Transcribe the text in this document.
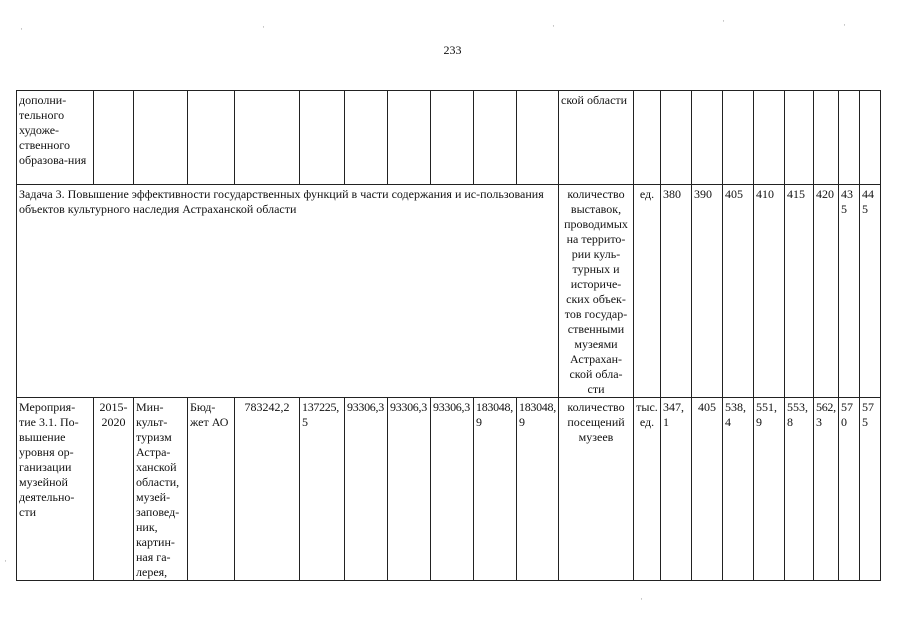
233
дополни-тельного художе-ственного образова-ния											ской области									
Задача 3. Повышение эффективности государственных функций в части содержания и ис-пользования объектов культурного наследия Астраханской области											количество выставок, проводимых на террито-рии куль-турных и историче-ских объек-тов государ-ственными музеями Астрахан-ской обла-сти	ед.	380	390	405	410	415	420	435	445
Мероприя-тие 3.1. По-вышение уровня ор-ганизации музейной деятельно-сти	2015-2020	Мин-культ-туризм Астра-ханской области, музей-заповед-ник, картин-ная га-лерея,	Бюд-жет АО	783242,2	137225,5	93306,3	93306,3	93306,3	183048,9	183048,9	количество посещений музеев	тыс. ед.	347,1	405	538,4	551,9	553,8	562,3	570	575
·	·	·	·	·
·
·
